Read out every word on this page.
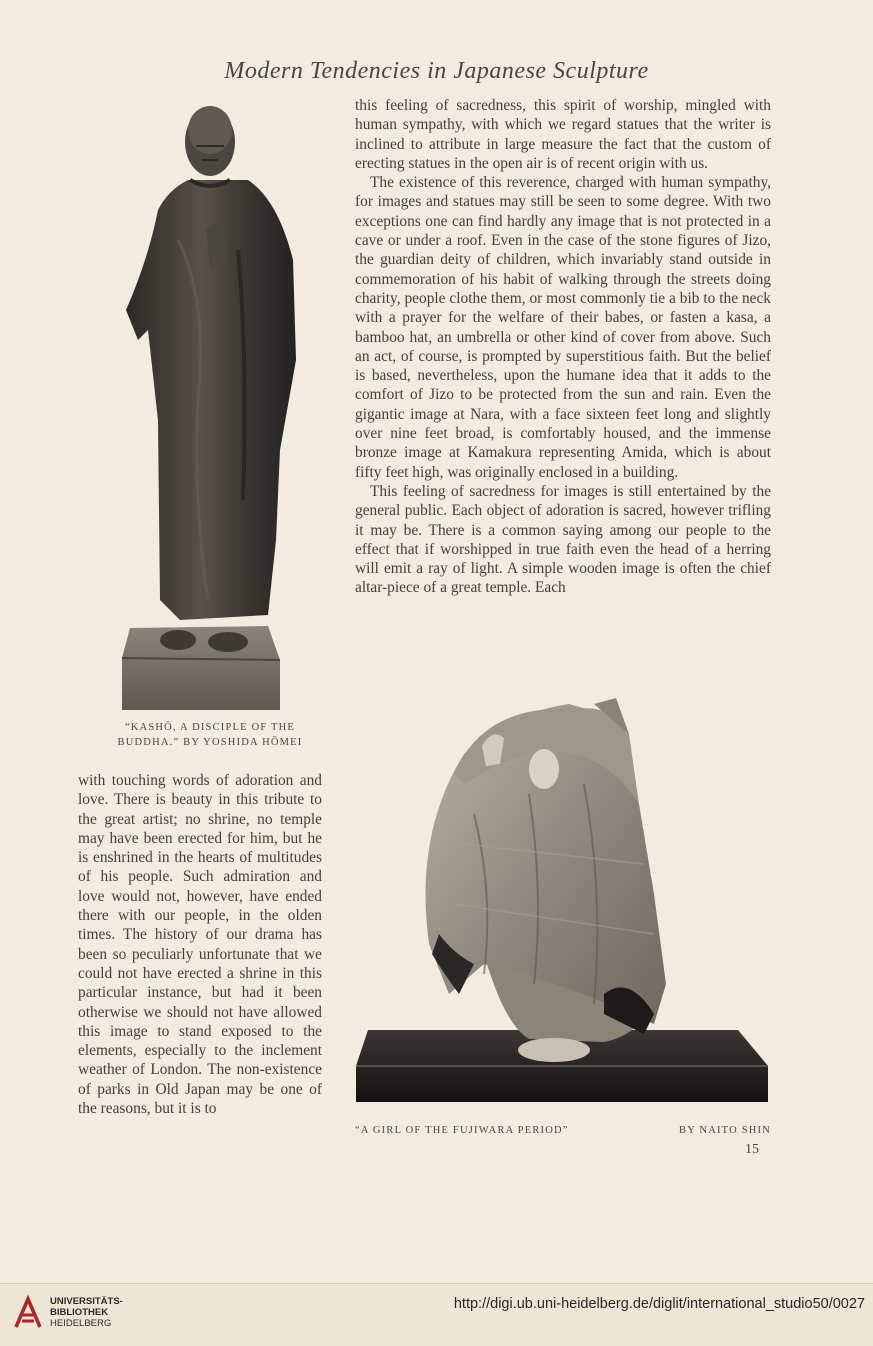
Modern Tendencies in Japanese Sculpture
“KASHŌ, A DISCIPLE OF THE
BUDDHA.” BY YOSHIDA HŌMEI

this feeling of sacredness, this spirit of worship, mingled with human sympathy, with which we regard statues that the writer is inclined to attribute in large measure the fact that the custom of erecting statues in the open air is of recent origin with us.

The existence of this reverence, charged with human sympathy, for images and statues may still be seen to some degree. With two exceptions one can find hardly any image that is not protected in a cave or under a roof. Even in the case of the stone figures of Jizo, the guardian deity of children, which invariably stand outside in commemoration of his habit of walking through the streets doing charity, people clothe them, or most commonly tie a bib to the neck with a prayer for the welfare of their babes, or fasten a kasa, a bamboo hat, an umbrella or other kind of cover from above. Such an act, of course, is prompted by superstitious faith. But the belief is based, nevertheless, upon the humane idea that it adds to the comfort of Jizo to be protected from the sun and rain. Even the gigantic image at Nara, with a face sixteen feet long and slightly over nine feet broad, is comfortably housed, and the immense bronze image at Kamakura representing Amida, which is about fifty feet high, was originally enclosed in a building.

This feeling of sacredness for images is still entertained by the general public. Each object of adoration is sacred, however trifling it may be. There is a common saying among our people to the effect that if worshipped in true faith even the head of a herring will emit a ray of light. A simple wooden image is often the chief altar-piece of a great temple. Each

with touching words of adoration and love. There is beauty in this tribute to the great artist; no shrine, no temple may have been erected for him, but he is enshrined in the hearts of multitudes of his people. Such admiration and love would not, however, have ended there with our people, in the olden times. The history of our drama has been so peculiarly unfortunate that we could not have erected a shrine in this particular instance, but had it been otherwise we should not have allowed this image to stand exposed to the elements, especially to the inclement weather of London. The non-existence of parks in Old Japan may be one of the reasons, but it is to

“A GIRL OF THE FUJIWARA PERIOD”	BY NAITO SHIN
15
UNIVERSITÄTS-
BIBLIOTHEK
HEIDELBERG
http://digi.ub.uni-heidelberg.de/diglit/international_studio50/0027
